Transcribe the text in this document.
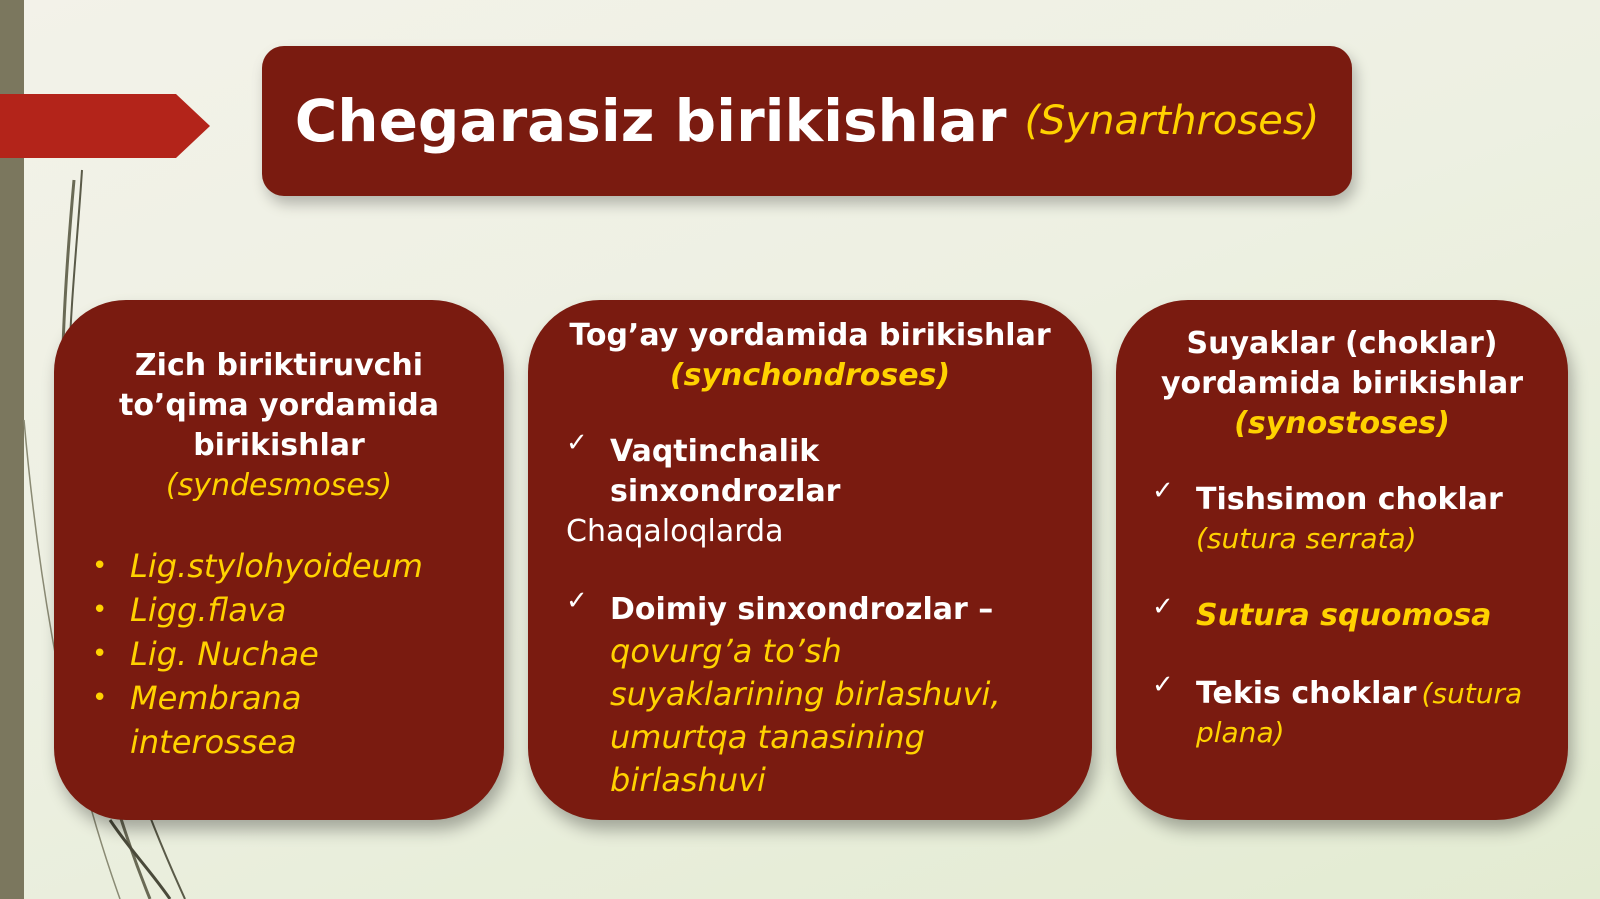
Chegarasiz birikishlar (Synarthroses)
Zich biriktiruvchi
to’qima yordamida
birikishlar
(syndesmoses)
• Lig.stylohyoideum
• Ligg.flava
• Lig. Nuchae
• Membrana
interossea
Tog’ay yordamida birikishlar
(synchondroses)
✓ Vaqtinchalik
sinxondrozlar
Chaqaloqlarda
✓ Doimiy sinxondrozlar –
qovurg’a to’sh
suyaklarining birlashuvi,
umurtqa tanasining
birlashuvi
Suyaklar (choklar)
yordamida birikishlar
(synostoses)
✓ Tishsimon choklar
(sutura serrata)
✓ Sutura squomosa
✓ Tekis choklar (sutura
plana)
